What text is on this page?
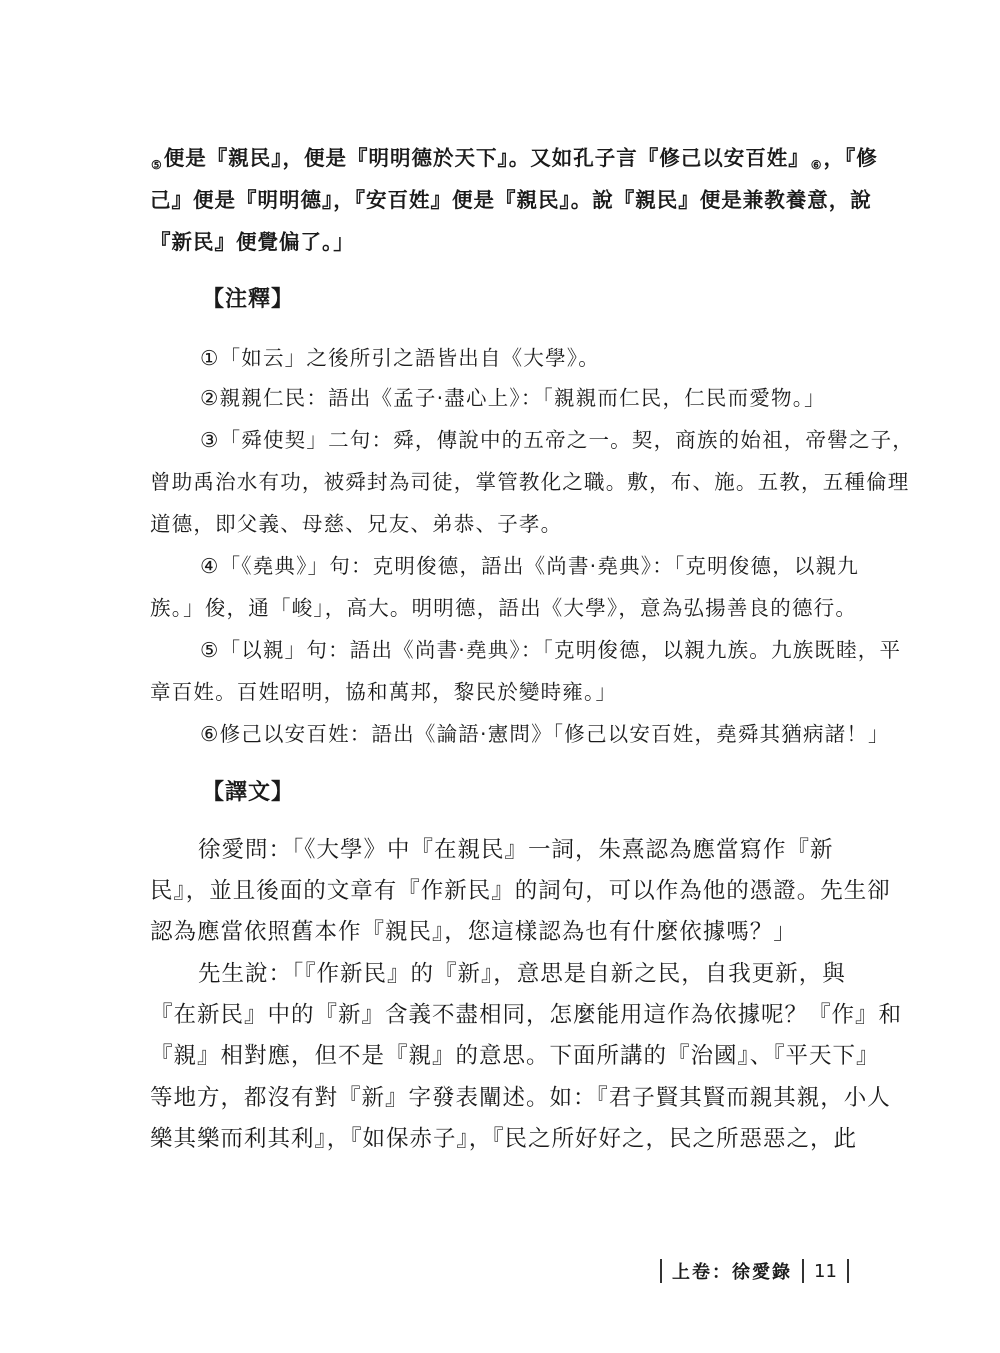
$_⑤$便是『親民』，便是『明明德於天下』。又如孔子言『修己以安百姓』$_⑥$，『修

己』便是『明明德』，『安百姓』便是『親民』。說『親民』便是兼教養意，說

『新民』便覺偏了。」

【注釋】

①「如云」之後所引之語皆出自《大學》。

②親親仁民：語出《孟子·盡心上》：「親親而仁民，仁民而愛物。」

③「舜使契」二句：舜，傳說中的五帝之一。契，商族的始祖，帝嚳之子，

曾助禹治水有功，被舜封為司徒，掌管教化之職。敷，布、施。五教，五種倫理

道德，即父義、母慈、兄友、弟恭、子孝。

④「《堯典》」句：克明俊德，語出《尚書·堯典》：「克明俊德，以親九

族。」俊，通「峻」，高大。明明德，語出《大學》，意為弘揚善良的德行。

⑤「以親」句：語出《尚書·堯典》：「克明俊德，以親九族。九族既睦，平

章百姓。百姓昭明，協和萬邦，黎民於變時雍。」

⑥修己以安百姓：語出《論語·憲問》「修己以安百姓，堯舜其猶病諸！」

【譯文】

徐愛問：「《大學》中『在親民』一詞，朱熹認為應當寫作『新

民』，並且後面的文章有『作新民』的詞句，可以作為他的憑證。先生卻

認為應當依照舊本作『親民』，您這樣認為也有什麼依據嗎？」

先生說：「『作新民』的『新』，意思是自新之民，自我更新，與

『在新民』中的『新』含義不盡相同，怎麼能用這作為依據呢？『作』和

『親』相對應，但不是『親』的意思。下面所講的『治國』、『平天下』

等地方，都沒有對『新』字發表闡述。如：『君子賢其賢而親其親，小人

樂其樂而利其利』，『如保赤子』，『民之所好好之，民之所惡惡之，此

上卷：徐愛錄 11
